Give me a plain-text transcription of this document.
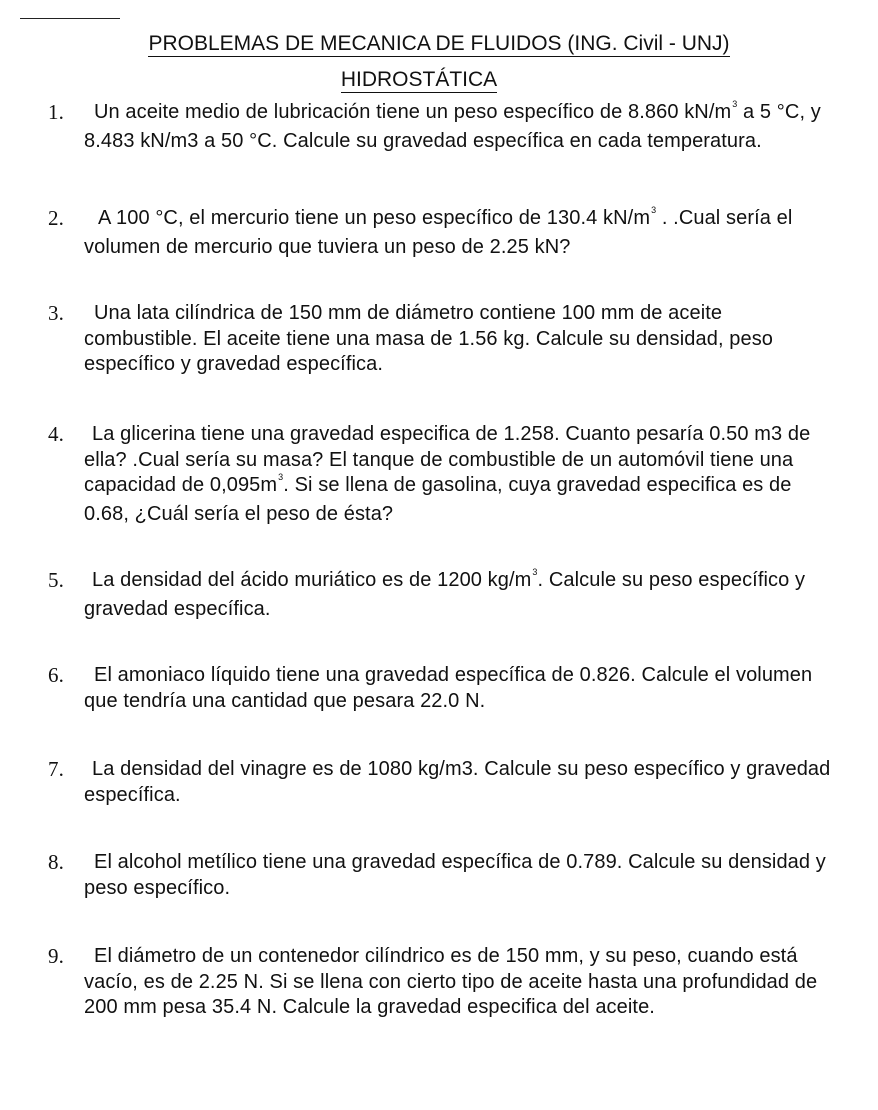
PROBLEMAS DE MECANICA DE FLUIDOS (ING. Civil - UNJ)
HIDROSTÁTICA
1. Un aceite medio de lubricación tiene un peso específico de 8.860 $kN/m^3$ a 5 °C, y 8.483 kN/m3 a 50 °C. Calcule su gravedad específica en cada temperatura.
2. A 100 °C, el mercurio tiene un peso específico de 130.4 $kN/m^3$ . .Cual sería el volumen de mercurio que tuviera un peso de 2.25 kN?
3. Una lata cilíndrica de 150 mm de diámetro contiene 100 mm de aceite combustible. El aceite tiene una masa de 1.56 kg. Calcule su densidad, peso específico y gravedad específica.
4. La glicerina tiene una gravedad especifica de 1.258. Cuanto pesaría 0.50 m3 de ella? .Cual sería su masa? El tanque de combustible de un automóvil tiene una capacidad de $0,095m^3$. Si se llena de gasolina, cuya gravedad especifica es de 0.68, ¿Cuál sería el peso de ésta?
5. La densidad del ácido muriático es de 1200 $kg/m^3$. Calcule su peso específico y gravedad específica.
6. El amoniaco líquido tiene una gravedad específica de 0.826. Calcule el volumen que tendría una cantidad que pesara 22.0 N.
7. La densidad del vinagre es de 1080 kg/m3. Calcule su peso específico y gravedad específica.
8. El alcohol metílico tiene una gravedad específica de 0.789. Calcule su densidad y peso específico.
9. El diámetro de un contenedor cilíndrico es de 150 mm, y su peso, cuando está vacío, es de 2.25 N. Si se llena con cierto tipo de aceite hasta una profundidad de 200 mm pesa 35.4 N. Calcule la gravedad especifica del aceite.
